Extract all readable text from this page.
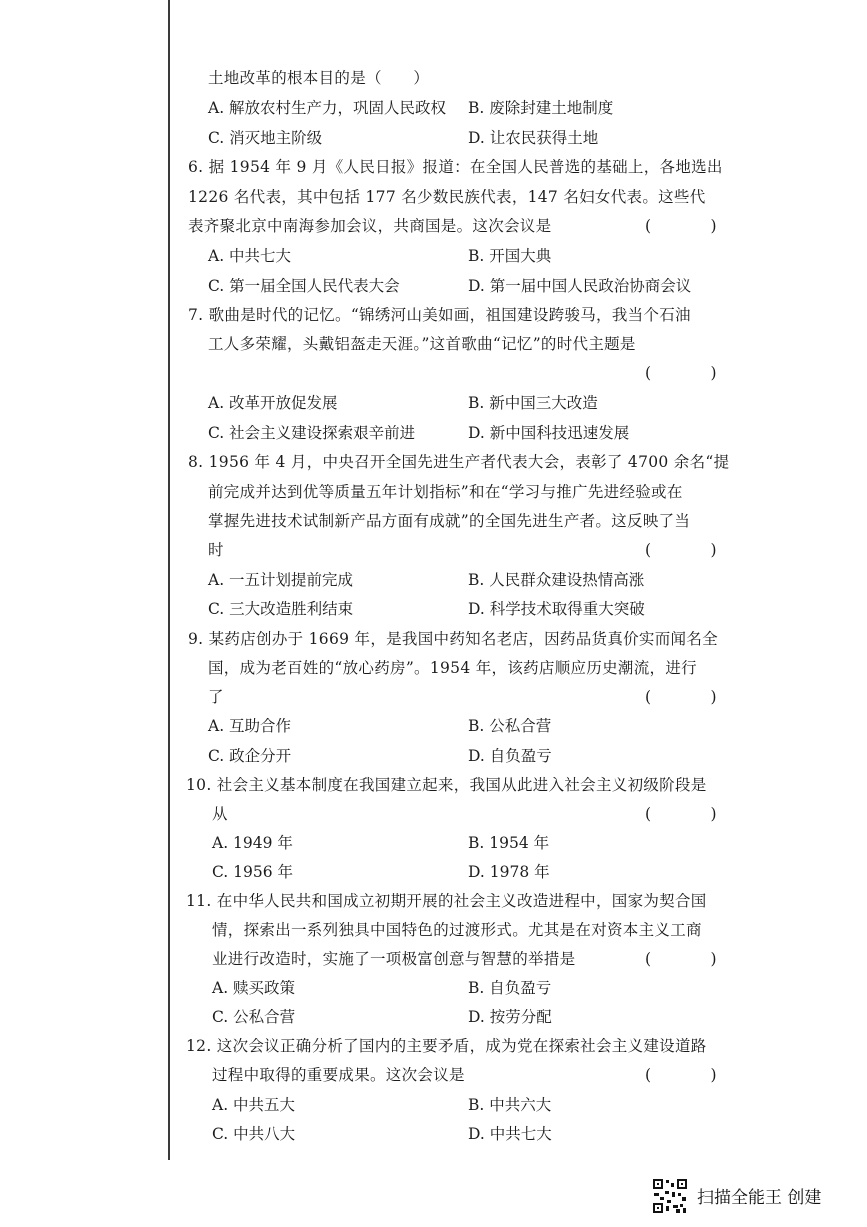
土地改革的根本目的是（　　）
A. 解放农村生产力，巩固人民政权 B. 废除封建土地制度
C. 消灭地主阶级	D. 让农民获得土地
6. 据 1954 年 9 月《人民日报》报道：在全国人民普选的基础上，各地选出
1226 名代表，其中包括 177 名少数民族代表，147 名妇女代表。这些代
表齐聚北京中南海参加会议，共商国是。这次会议是	(　)
A. 中共七大	B. 开国大典
C. 第一届全国人民代表大会	D. 第一届中国人民政治协商会议
7. 歌曲是时代的记忆。“锦绣河山美如画，祖国建设跨骏马，我当个石油
工人多荣耀，头戴铝盔走天涯。”这首歌曲“记忆”的时代主题是
(　)
A. 改革开放促发展	B. 新中国三大改造
C. 社会主义建设探索艰辛前进	D. 新中国科技迅速发展
8. 1956 年 4 月，中央召开全国先进生产者代表大会，表彰了 4700 余名“提
前完成并达到优等质量五年计划指标”和在“学习与推广先进经验或在
掌握先进技术试制新产品方面有成就”的全国先进生产者。这反映了当
时	(　)
A. 一五计划提前完成	B. 人民群众建设热情高涨
C. 三大改造胜利结束	D. 科学技术取得重大突破
9. 某药店创办于 1669 年，是我国中药知名老店，因药品货真价实而闻名全
国，成为老百姓的“放心药房”。1954 年，该药店顺应历史潮流，进行
了	(　)
A. 互助合作	B. 公私合营
C. 政企分开	D. 自负盈亏
10. 社会主义基本制度在我国建立起来，我国从此进入社会主义初级阶段是
从	(　)
A. 1949 年	B. 1954 年
C. 1956 年	D. 1978 年
11. 在中华人民共和国成立初期开展的社会主义改造进程中，国家为契合国
情，探索出一系列独具中国特色的过渡形式。尤其是在对资本主义工商
业进行改造时，实施了一项极富创意与智慧的举措是	(　)
A. 赎买政策	B. 自负盈亏
C. 公私合营	D. 按劳分配
12. 这次会议正确分析了国内的主要矛盾，成为党在探索社会主义建设道路
过程中取得的重要成果。这次会议是	(　)
A. 中共五大	B. 中共六大
C. 中共八大	D. 中共七大
扫描全能王 创建
